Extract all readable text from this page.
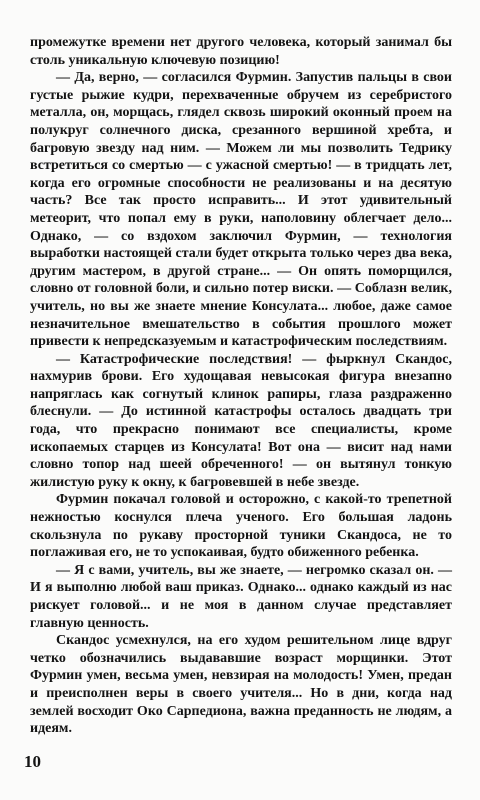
промежутке времени нет другого человека, который занимал бы столь уникальную ключевую позицию!

— Да, верно, — согласился Фурмин. Запустив пальцы в свои густые рыжие кудри, перехваченные обручем из серебристого металла, он, морщась, глядел сквозь широкий оконный проем на полукруг солнечного диска, срезанного вершиной хребта, и багровую звезду над ним. — Можем ли мы позволить Тедрику встретиться со смертью — с ужасной смертью! — в тридцать лет, когда его огромные способности не реализованы и на десятую часть? Все так просто исправить... И этот удивительный метеорит, что попал ему в руки, наполовину облегчает дело... Однако, — со вздохом заключил Фурмин, — технология выработки настоящей стали будет открыта только через два века, другим мастером, в другой стране... — Он опять поморщился, словно от головной боли, и сильно потер виски. — Соблазн велик, учитель, но вы же знаете мнение Консулата... любое, даже самое незначительное вмешательство в события прошлого может привести к непредсказуемым и катастрофическим последствиям.

— Катастрофические последствия! — фыркнул Скандос, нахмурив брови. Его худощавая невысокая фигура внезапно напряглась как согнутый клинок рапиры, глаза раздраженно блеснули. — До истинной катастрофы осталось двадцать три года, что прекрасно понимают все специалисты, кроме ископаемых старцев из Консулата! Вот она — висит над нами словно топор над шеей обреченного! — он вытянул тонкую жилистую руку к окну, к багровевшей в небе звезде.

Фурмин покачал головой и осторожно, с какой-то трепетной нежностью коснулся плеча ученого. Его большая ладонь скользнула по рукаву просторной туники Скандоса, не то поглаживая его, не то успокаивая, будто обиженного ребенка.

— Я с вами, учитель, вы же знаете, — негромко сказал он. — И я выполню любой ваш приказ. Однако... однако каждый из нас рискует головой... и не моя в данном случае представляет главную ценность.

Скандос усмехнулся, на его худом решительном лице вдруг четко обозначились выдававшие возраст морщинки. Этот Фурмин умен, весьма умен, невзирая на молодость! Умен, предан и преисполнен веры в своего учителя... Но в дни, когда над землей восходит Око Сарпедиона, важна преданность не людям, а идеям.

10
